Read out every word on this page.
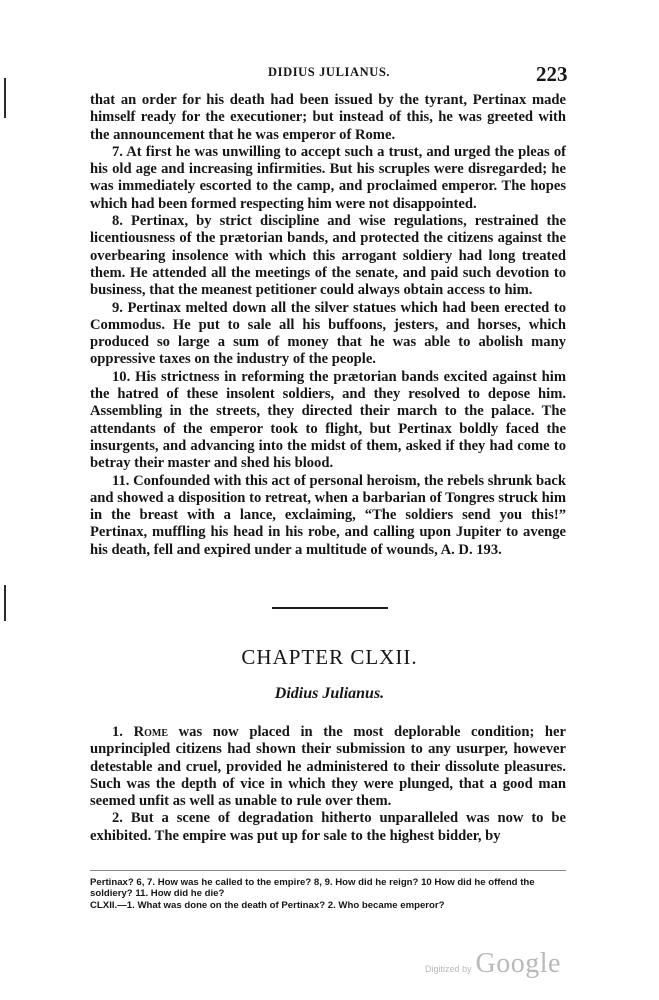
DIDIUS JULIANUS.	223

that an order for his death had been issued by the tyrant, Pertinax made himself ready for the executioner; but instead of this, he was greeted with the announcement that he was emperor of Rome.

7. At first he was unwilling to accept such a trust, and urged the pleas of his old age and increasing infirmities. But his scruples were disregarded; he was immediately escorted to the camp, and proclaimed emperor. The hopes which had been formed respecting him were not disappointed.

8. Pertinax, by strict discipline and wise regulations, restrained the licentiousness of the prætorian bands, and protected the citizens against the overbearing insolence with which this arrogant soldiery had long treated them. He attended all the meetings of the senate, and paid such devotion to business, that the meanest petitioner could always obtain access to him.

9. Pertinax melted down all the silver statues which had been erected to Commodus. He put to sale all his buffoons, jesters, and horses, which produced so large a sum of money that he was able to abolish many oppressive taxes on the industry of the people.

10. His strictness in reforming the prætorian bands excited against him the hatred of these insolent soldiers, and they resolved to depose him. Assembling in the streets, they directed their march to the palace. The attendants of the emperor took to flight, but Pertinax boldly faced the insurgents, and advancing into the midst of them, asked if they had come to betray their master and shed his blood.

11. Confounded with this act of personal heroism, the rebels shrunk back and showed a disposition to retreat, when a barbarian of Tongres struck him in the breast with a lance, exclaiming, “The soldiers send you this!” Pertinax, muffling his head in his robe, and calling upon Jupiter to avenge his death, fell and expired under a multitude of wounds, A. D. 193.

CHAPTER CLXII.
Didius Julianus.

1. Rome was now placed in the most deplorable condition; her unprincipled citizens had shown their submission to any usurper, however detestable and cruel, provided he administered to their dissolute pleasures. Such was the depth of vice in which they were plunged, that a good man seemed unfit as well as unable to rule over them.

2. But a scene of degradation hitherto unparalleled was now to be exhibited. The empire was put up for sale to the highest bidder, by

Pertinax? 6, 7. How was he called to the empire? 8, 9. How did he reign? 10 How did he offend the soldiery? 11. How did he die?
CLXII.—1. What was done on the death of Pertinax? 2. Who became emperor?
Digitized by Google
